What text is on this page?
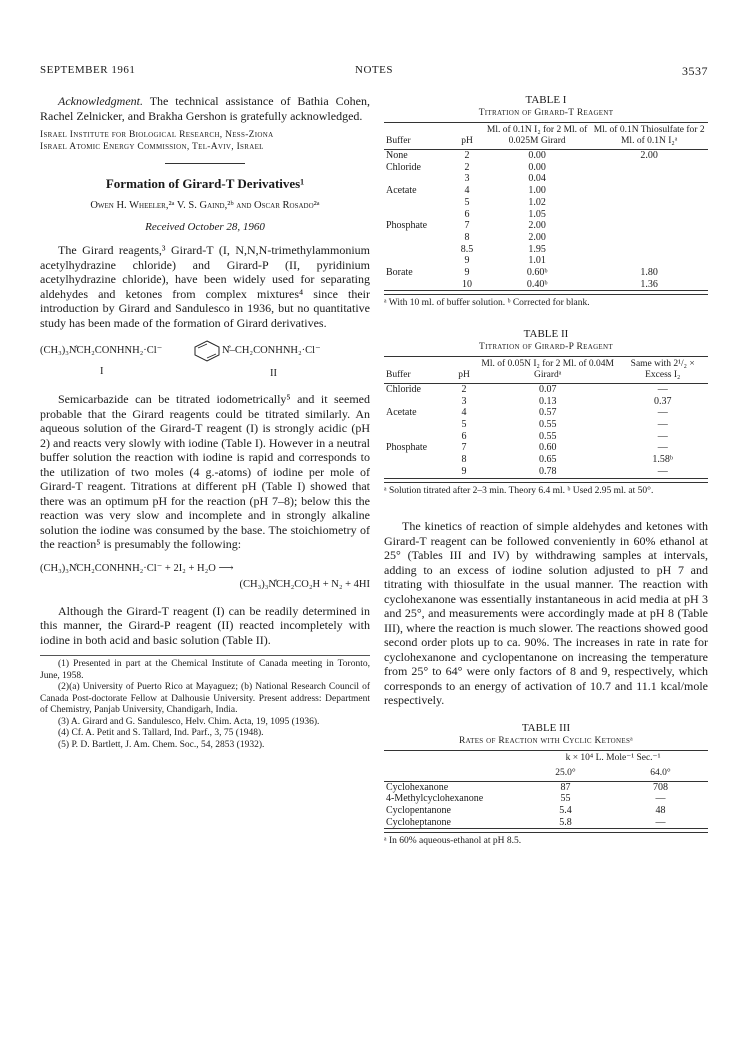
SEPTEMBER 1961	NOTES	3537

Acknowledgment. The technical assistance of Bathia Cohen, Rachel Zelnicker, and Brakha Gershon is gratefully acknowledged.

Israel Institute for Biological Research, Ness-Ziona
Israel Atomic Energy Commission, Tel-Aviv, Israel
Formation of Girard-T Derivatives¹
Owen H. Wheeler,²ᵃ V. S. Gaind,²ᵇ and Oscar Rosado²ᵃ
Received October 28, 1960

The Girard reagents,³ Girard-T (I, N,N,N-trimethylammonium acetylhydrazine chloride) and Girard-P (II, pyridinium acetylhydrazine chloride), have been widely used for separating aldehydes and ketones from complex mixtures⁴ since their introduction by Girard and Sandulesco in 1936, but no quantitative study has been made of the formation of Girard derivatives.

(CH₃)₃N̊CH₂CONHNH₂·Cl⁻
I
N̊–CH₂CONHNH₂·Cl⁻
II

Semicarbazide can be titrated iodometrically⁵ and it seemed probable that the Girard reagents could be titrated similarly. An aqueous solution of the Girard-T reagent (I) is strongly acidic (pH 2) and reacts very slowly with iodine (Table I). However in a neutral buffer solution the reaction with iodine is rapid and corresponds to the utilization of two moles (4 g.-atoms) of iodine per mole of Girard-T reagent. Titrations at different pH (Table I) showed that there was an optimum pH for the reaction (pH 7–8); below this the reaction was very slow and incomplete and in strongly alkaline solution the iodine was consumed by the base. The stoichiometry of the reaction⁵ is presumably the following:

(CH₃)₃N̊CH₂CONHNH₂·Cl⁻ + 2I₂ + H₂O ⟶
(CH₃)₃N̊CH₂CO₂H + N₂ + 4HI

Although the Girard-T reagent (I) can be readily determined in this manner, the Girard-P reagent (II) reacted incompletely with iodine in both acid and basic solution (Table II).

(1) Presented in part at the Chemical Institute of Canada meeting in Toronto, June, 1958.
(2)(a) University of Puerto Rico at Mayaguez; (b) National Research Council of Canada Post-doctorate Fellow at Dalhousie University. Present address: Department of Chemistry, Panjab University, Chandigarh, India.
(3) A. Girard and G. Sandulesco, Helv. Chim. Acta, 19, 1095 (1936).
(4) Cf. A. Petit and S. Tallard, Ind. Parf., 3, 75 (1948).
(5) P. D. Bartlett, J. Am. Chem. Soc., 54, 2853 (1932).
TABLE I
Titration of Girard-T Reagent
Buffer	pH	Ml. of 0.1N I₂ for 2 Ml. of 0.025M Girard	Ml. of 0.1N Thiosulfate for 2 Ml. of 0.1N I₂ᵃ
None	2	0.00	2.00
Chloride	2	0.00	
	3	0.04	
Acetate	4	1.00	
	5	1.02	
	6	1.05	
Phosphate	7	2.00	
	8	2.00	
	8.5	1.95	
	9	1.01	
Borate	9	0.60ᵇ	1.80
	10	0.40ᵇ	1.36
ᵃ With 10 ml. of buffer solution. ᵇ Corrected for blank.
TABLE II
Titration of Girard-P Reagent
Buffer	pH	Ml. of 0.05N I₂ for 2 Ml. of 0.04M Girardᵃ	Same with 2¹/₂ × Excess I₂
Chloride	2	0.07	—
	3	0.13	0.37
Acetate	4	0.57	—
	5	0.55	—
	6	0.55	—
Phosphate	7	0.60	—
	8	0.65	1.58ᵇ
	9	0.78	—
ᵃ Solution titrated after 2–3 min. Theory 6.4 ml. ᵇ Used 2.95 ml. at 50°.

The kinetics of reaction of simple aldehydes and ketones with Girard-T reagent can be followed conveniently in 60% ethanol at 25° (Tables III and IV) by withdrawing samples at intervals, adding to an excess of iodine solution adjusted to pH 7 and titrating with thiosulfate in the usual manner. The reaction with cyclohexanone was essentially instantaneous in acid media at pH 3 and 25°, and measurements were accordingly made at pH 8 (Table III), where the reaction is much slower. The reactions showed good second order plots up to ca. 90%. The increases in rate in rate for cyclohexanone and cyclopentanone on increasing the temperature from 25° to 64° were only factors of 8 and 9, respectively, which corresponds to an energy of activation of 10.7 and 11.1 kcal/mole respectively.

TABLE III
Rates of Reaction with Cyclic Ketonesᵃ
	k × 10⁴ L. Mole⁻¹ Sec.⁻¹	
	25.0°	64.0°
Cyclohexanone	87	708
4-Methylcyclohexanone	55	—
Cyclopentanone	5.4	48
Cycloheptanone	5.8	—
ᵃ In 60% aqueous-ethanol at pH 8.5.
